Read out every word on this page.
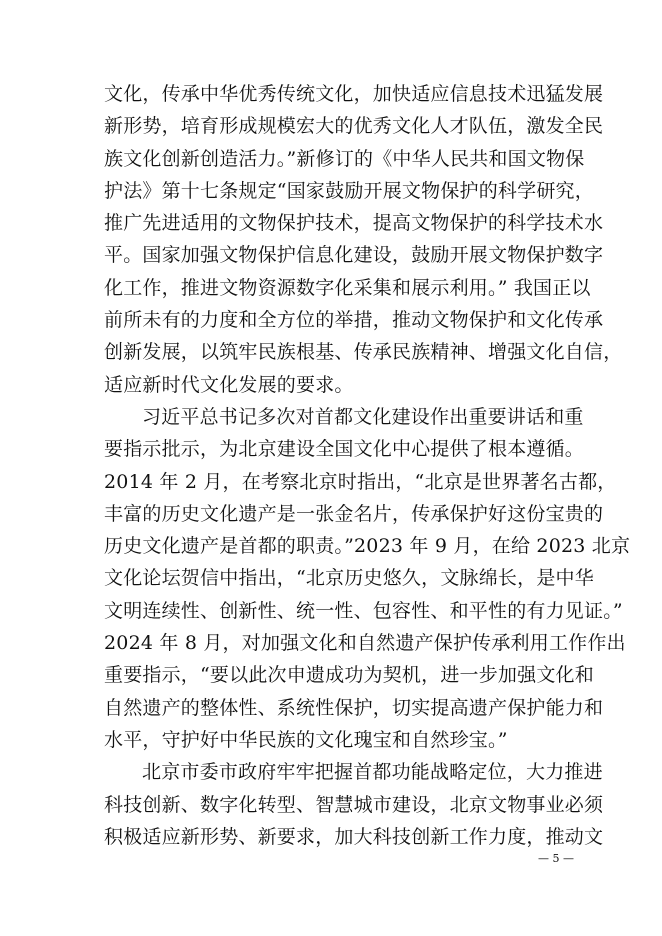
文化，传承中华优秀传统文化，加快适应信息技术迅猛发展
新形势，培育形成规模宏大的优秀文化人才队伍，激发全民
族文化创新创造活力。”新修订的《中华人民共和国文物保
护法》第十七条规定“国家鼓励开展文物保护的科学研究，
推广先进适用的文物保护技术，提高文物保护的科学技术水
平。国家加强文物保护信息化建设，鼓励开展文物保护数字
化工作，推进文物资源数字化采集和展示利用。” 我国正以
前所未有的力度和全方位的举措，推动文物保护和文化传承
创新发展，以筑牢民族根基、传承民族精神、增强文化自信，
适应新时代文化发展的要求。
习近平总书记多次对首都文化建设作出重要讲话和重
要指示批示，为北京建设全国文化中心提供了根本遵循。
2014 年 2 月，在考察北京时指出，“北京是世界著名古都，
丰富的历史文化遗产是一张金名片，传承保护好这份宝贵的
历史文化遗产是首都的职责。”2023 年 9 月，在给 2023 北京
文化论坛贺信中指出，“北京历史悠久，文脉绵长，是中华
文明连续性、创新性、统一性、包容性、和平性的有力见证。”
2024 年 8 月，对加强文化和自然遗产保护传承利用工作作出
重要指示，“要以此次申遗成功为契机，进一步加强文化和
自然遗产的整体性、系统性保护，切实提高遗产保护能力和
水平，守护好中华民族的文化瑰宝和自然珍宝。”
北京市委市政府牢牢把握首都功能战略定位，大力推进
科技创新、数字化转型、智慧城市建设，北京文物事业必须
积极适应新形势、新要求，加大科技创新工作力度，推动文
— 5 —
